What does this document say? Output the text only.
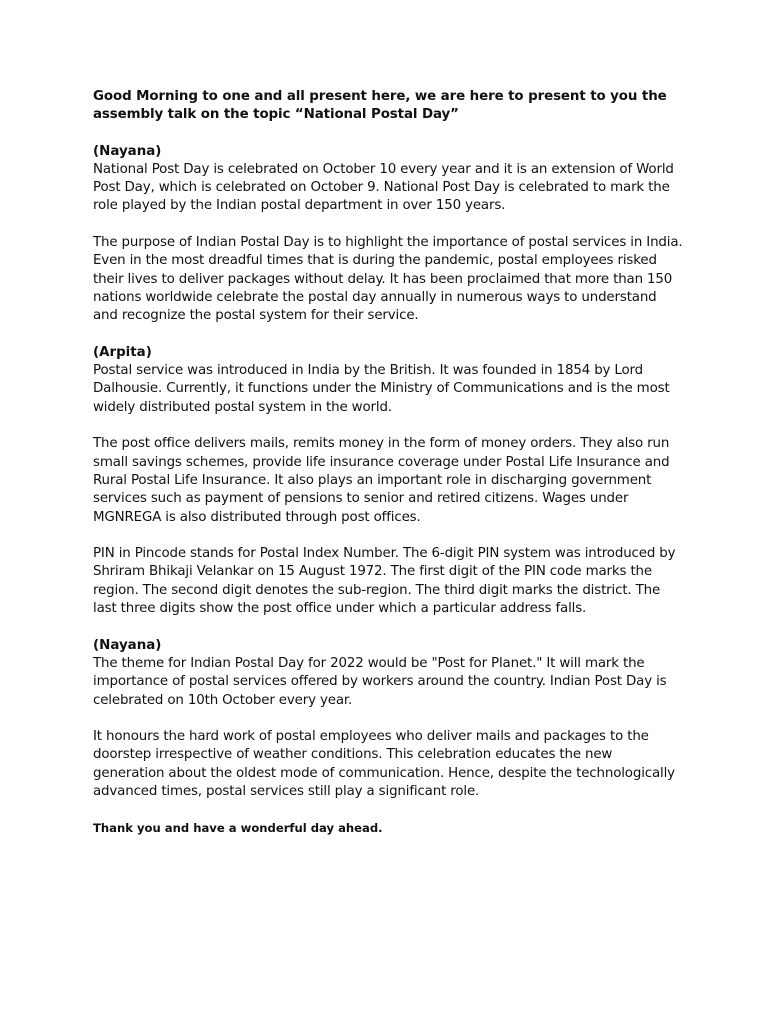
Good Morning to one and all present here, we are here to present to you the assembly talk on the topic “National Postal Day”

(Nayana)

National Post Day is celebrated on October 10 every year and it is an extension of World Post Day, which is celebrated on October 9. National Post Day is celebrated to mark the role played by the Indian postal department in over 150 years.

The purpose of Indian Postal Day is to highlight the importance of postal services in India. Even in the most dreadful times that is during the pandemic, postal employees risked their lives to deliver packages without delay. It has been proclaimed that more than 150 nations worldwide celebrate the postal day annually in numerous ways to understand and recognize the postal system for their service.

(Arpita)

Postal service was introduced in India by the British. It was founded in 1854 by Lord Dalhousie. Currently, it functions under the Ministry of Communications and is the most widely distributed postal system in the world.

The post office delivers mails, remits money in the form of money orders. They also run small savings schemes, provide life insurance coverage under Postal Life Insurance and Rural Postal Life Insurance. It also plays an important role in discharging government services such as payment of pensions to senior and retired citizens. Wages under MGNREGA is also distributed through post offices.

PIN in Pincode stands for Postal Index Number. The 6-digit PIN system was introduced by Shriram Bhikaji Velankar on 15 August 1972. The first digit of the PIN code marks the region. The second digit denotes the sub-region. The third digit marks the district. The last three digits show the post office under which a particular address falls.

(Nayana)

The theme for Indian Postal Day for 2022 would be "Post for Planet." It will mark the importance of postal services offered by workers around the country. Indian Post Day is celebrated on 10th October every year.

It honours the hard work of postal employees who deliver mails and packages to the doorstep irrespective of weather conditions. This celebration educates the new generation about the oldest mode of communication. Hence, despite the technologically advanced times, postal services still play a significant role.

Thank you and have a wonderful day ahead.
